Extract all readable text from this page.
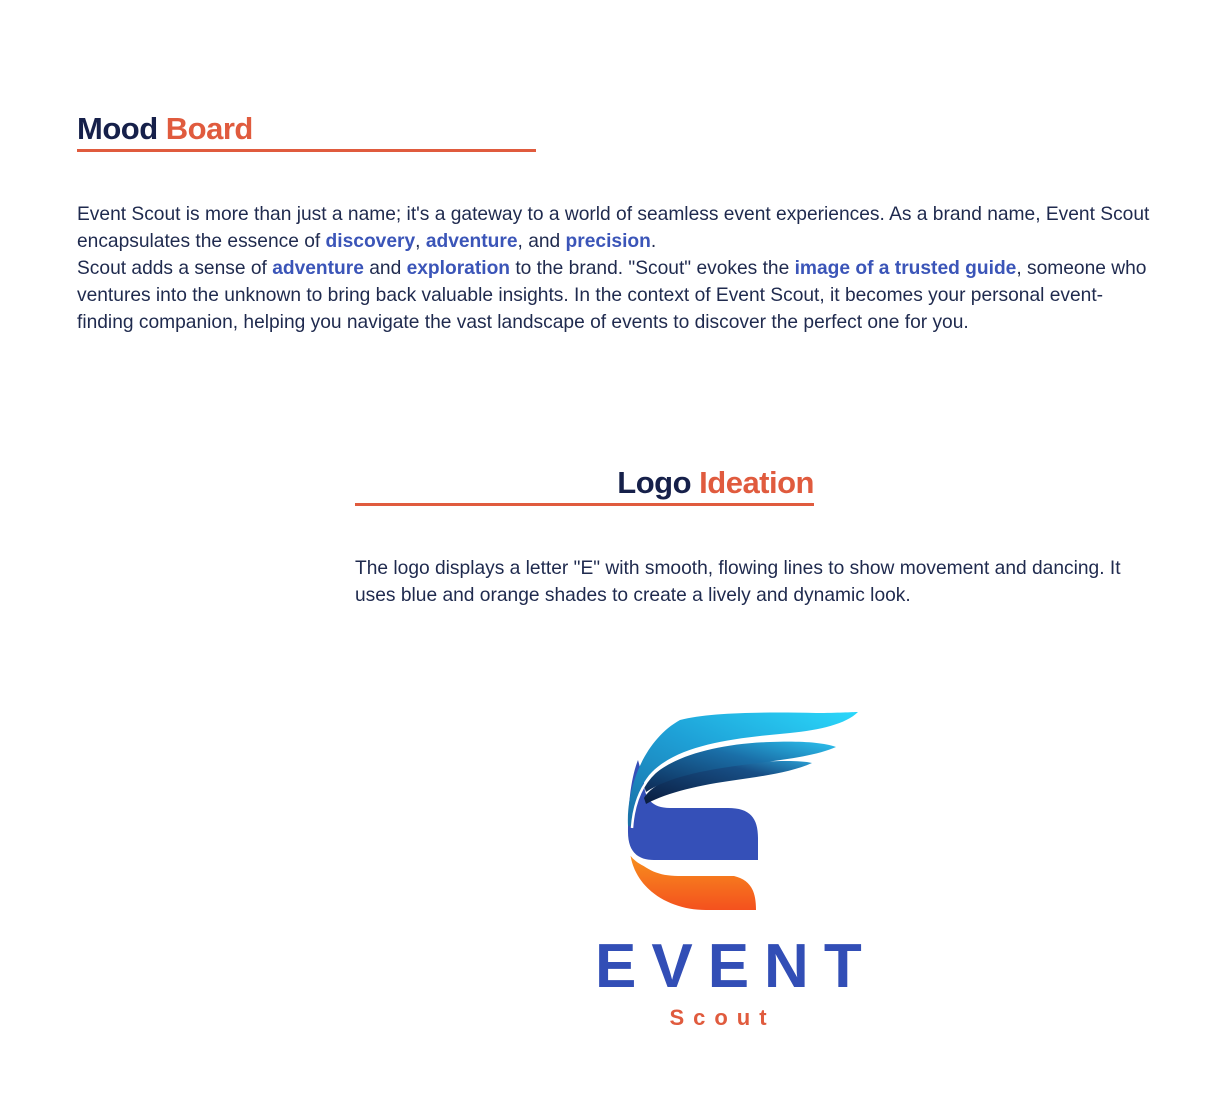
Mood Board
Event Scout is more than just a name; it's a gateway to a world of seamless event experiences. As a brand name, Event Scout encapsulates the essence of discovery, adventure, and precision.
Scout adds a sense of adventure and exploration to the brand. "Scout" evokes the image of a trusted guide, someone who ventures into the unknown to bring back valuable insights. In the context of Event Scout, it becomes your personal event-finding companion, helping you navigate the vast landscape of events to discover the perfect one for you.
Logo Ideation

The logo displays a letter "E" with smooth, flowing lines to show movement and dancing. It uses blue and orange shades to create a lively and dynamic look.

EVENT
Scout
